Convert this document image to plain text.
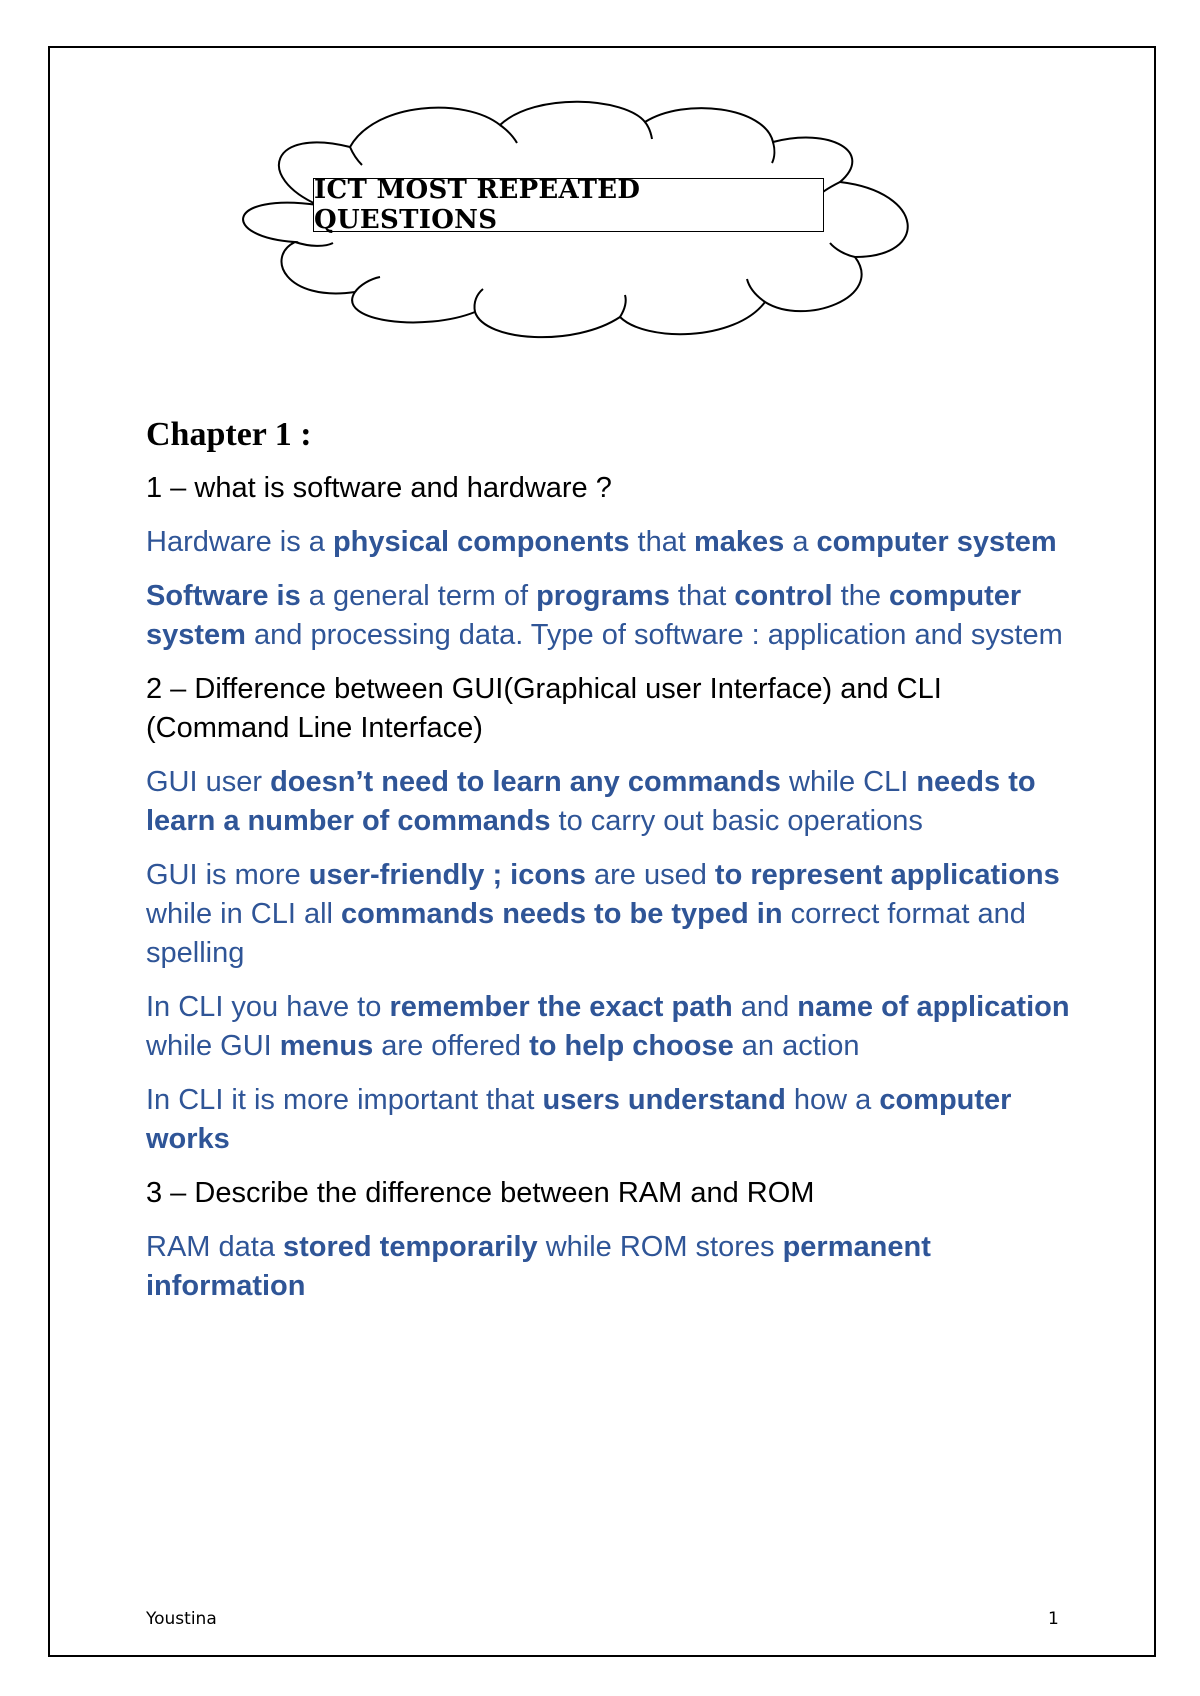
ICT MOST REPEATED QUESTIONS
Chapter 1 :
1 – what is software and hardware ?
Hardware is a physical components that makes a computer system
Software is a general term of programs that control the computer system and processing data. Type of software : application and system
2 – Difference between GUI(Graphical user Interface) and CLI (Command Line Interface)
GUI user doesn’t need to learn any commands while CLI needs to learn a number of commands to carry out basic operations
GUI is more user-friendly ; icons are used to represent applications while in CLI all commands needs to be typed in correct format and spelling
In CLI you have to remember the exact path and name of application while GUI menus are offered to help choose an action
In CLI it is more important that users understand how a computer works
3 – Describe the difference between RAM and ROM
RAM data stored temporarily while ROM stores permanent information
Youstina	1
